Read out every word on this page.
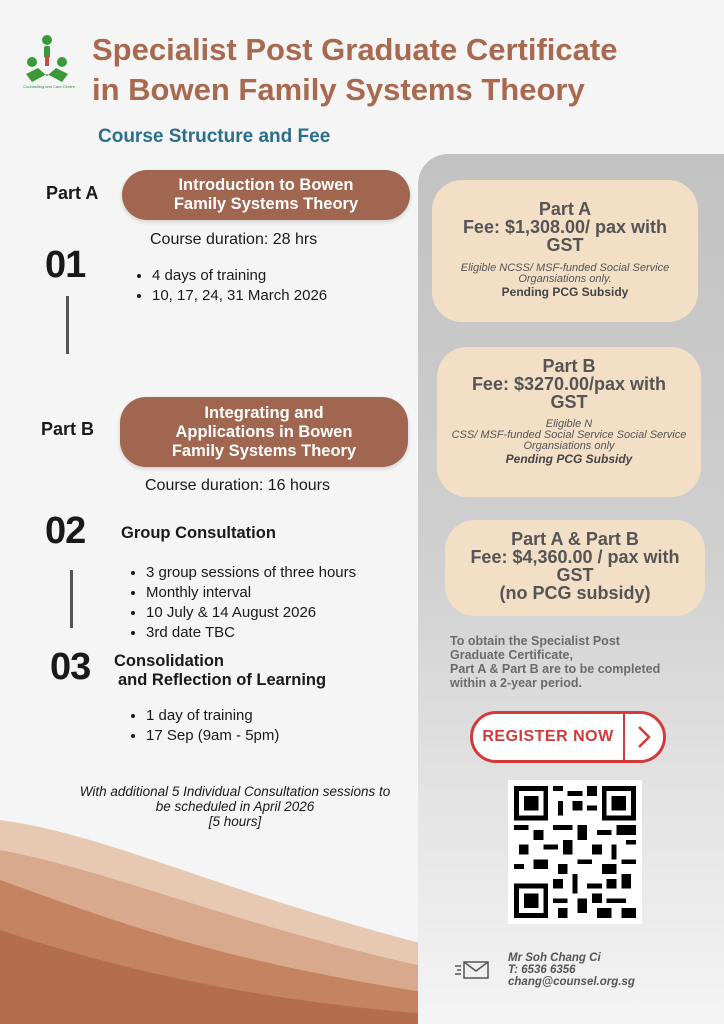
Counselling and Care Centre
Specialist Post Graduate Certificate
in Bowen Family Systems Theory
Course Structure and Fee
Part A	Introduction to Bowen
Family Systems Theory
Course duration: 28 hrs
01
•	4 days of training
• 10, 17, 24, 31 March 2026
Part B
Integrating and
Applications in Bowen
Family Systems Theory
Course duration: 16 hours
02 Group Consultation
• 3 group sessions of three hours
• Monthly interval
• 10 July & 14 August 2026
• 3rd date TBC
03 Consolidation
and Reflection of Learning
• 1 day of training
• 17 Sep (9am - 5pm)
With additional 5 Individual Consultation sessions to
be scheduled in April 2026
[5 hours]
Part A
Fee: $1,308.00/ pax with
GST
Eligible NCSS/ MSF-funded Social Service
Organsiations only.
Pending PCG Subsidy
Part B
Fee: $3270.00/pax with
GST
Eligible N
CSS/ MSF-funded Social Service Social Service
Organsiations only
Pending PCG Subsidy
Part A & Part B
Fee: $4,360.00 / pax with
GST
(no PCG subsidy)
To obtain the Specialist Post
Graduate Certificate,
Part A & Part B are to be completed
within a 2-year period.
REGISTER NOW
Mr Soh Chang Ci
T: 6536 6356
chang@counsel.org.sg
